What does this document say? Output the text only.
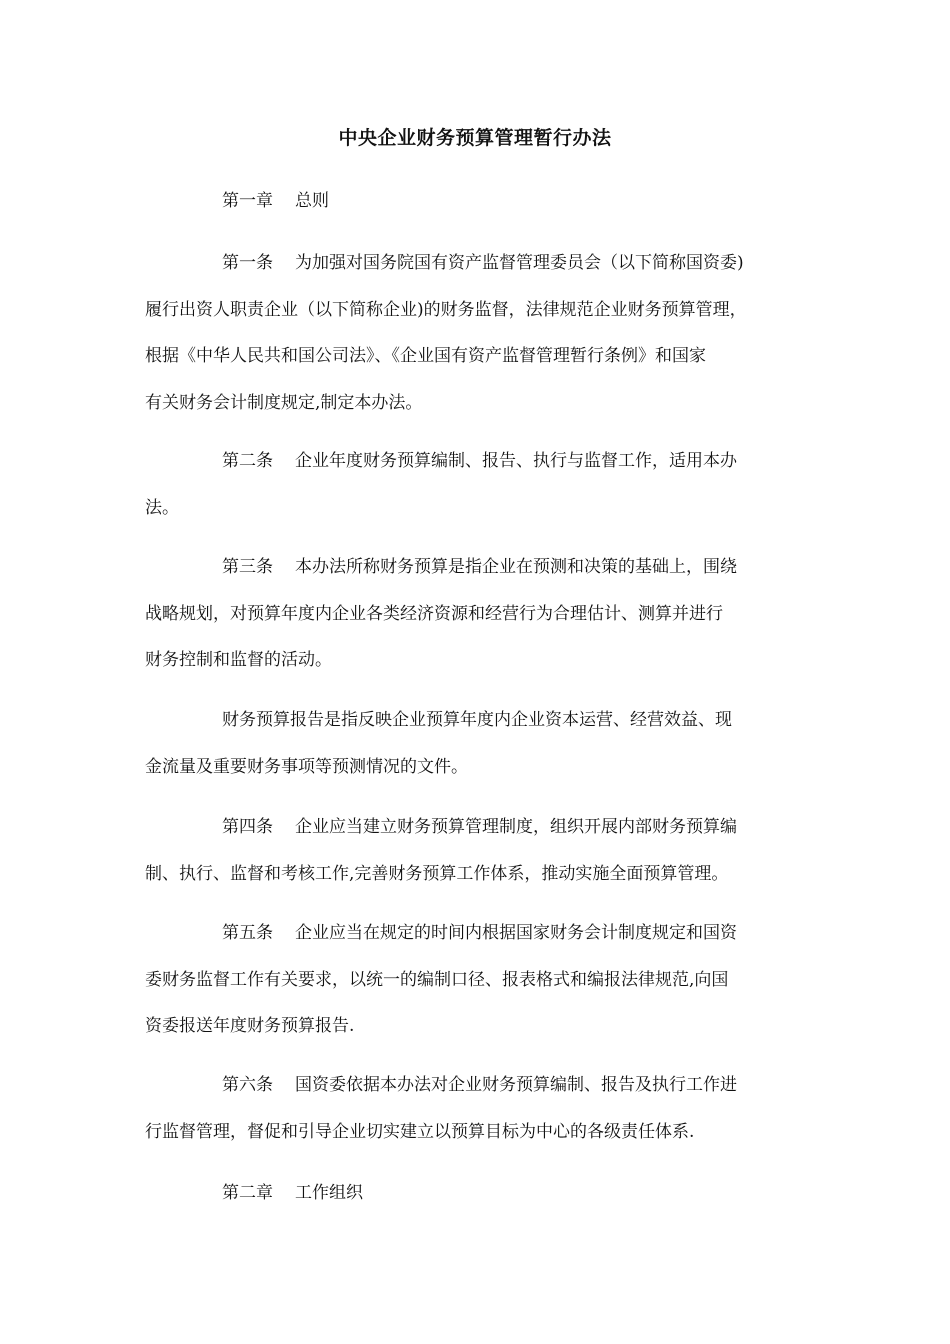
中央企业财务预算管理暂行办法
第一章 总则
第一条 为加强对国务院国有资产监督管理委员会（以下简称国资委)
履行出资人职责企业（以下简称企业)的财务监督，法律规范企业财务预算管理，
根据《中华人民共和国公司法》、《企业国有资产监督管理暂行条例》和国家
有关财务会计制度规定,制定本办法。
第二条 企业年度财务预算编制、报告、执行与监督工作，适用本办
法。
第三条 本办法所称财务预算是指企业在预测和决策的基础上，围绕
战略规划，对预算年度内企业各类经济资源和经营行为合理估计、测算并进行
财务控制和监督的活动。
财务预算报告是指反映企业预算年度内企业资本运营、经营效益、现
金流量及重要财务事项等预测情况的文件。
第四条 企业应当建立财务预算管理制度，组织开展内部财务预算编
制、执行、监督和考核工作,完善财务预算工作体系，推动实施全面预算管理。
第五条 企业应当在规定的时间内根据国家财务会计制度规定和国资
委财务监督工作有关要求，以统一的编制口径、报表格式和编报法律规范,向国
资委报送年度财务预算报告.
第六条 国资委依据本办法对企业财务预算编制、报告及执行工作进
行监督管理，督促和引导企业切实建立以预算目标为中心的各级责任体系.
第二章 工作组织
